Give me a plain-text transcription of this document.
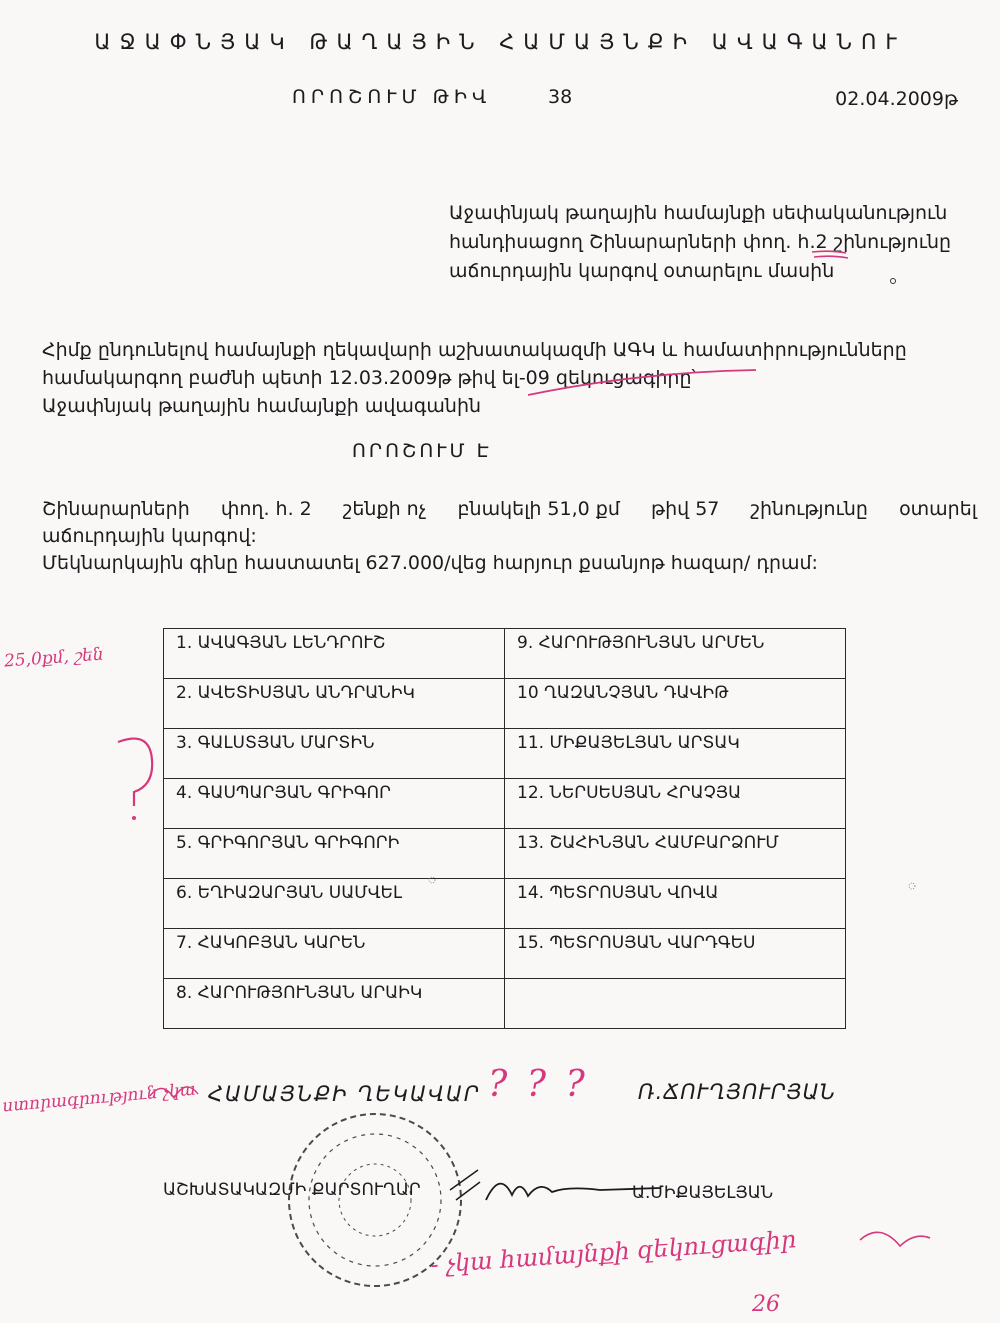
ԱՋԱՓՆՅԱԿ ԹԱՂԱՅԻՆ ՀԱՄԱՅՆՔԻ ԱՎԱԳԱՆՈՒ
ՈՐՈՇՈՒՄ ԹԻՎ	38	02.04.2009թ
Աջափնյակ թաղային համայնքի սեփականություն
հանդիսացող Շինարարների փող. հ.2 շինությունը
աճուրդային կարգով օտարելու մասին
Հիմք ընդունելով համայնքի ղեկավարի աշխատակազմի ԱԳԿ և համատիրությունները
համակարգող բաժնի պետի 12.03.2009թ թիվ ել-09 զեկուցագիրը՝
Աջափնյակ թաղային համայնքի ավագանին
ՈՐՈՇՈՒՄ Է
Շինարարների փող. հ. 2 շենքի ոչ բնակելի 51,0 քմ թիվ 57 շինությունը օտարել
աճուրդային կարգով:
Մեկնարկային գինը հաստատել 627.000/վեց հարյուր քսանյոթ հազար/ դրամ:
1. ԱՎԱԳՅԱՆ ԼԵՆԴՐՈՒՇ	9. ՀԱՐՈՒԹՅՈՒՆՅԱՆ ԱՐՄԵՆ
2. ԱՎԵՏԻՍՅԱՆ ԱՆԴՐԱՆԻԿ	10 ՂԱԶԱՆՉՅԱՆ ԴԱՎԻԹ
3. ԳԱԼՍՏՅԱՆ ՄԱՐՏԻՆ	11. ՄԻՔԱՅԵԼՅԱՆ ԱՐՏԱԿ
4. ԳԱՍՊԱՐՅԱՆ ԳՐԻԳՈՐ	12. ՆԵՐՍԵՍՅԱՆ ՀՐԱՉՅԱ
5. ԳՐԻԳՈՐՅԱՆ ԳՐԻԳՈՐԻ	13. ՇԱՀԻՆՅԱՆ ՀԱՄԲԱՐՁՈՒՄ
6. ԵՂԻԱԶԱՐՅԱՆ ՍԱՄՎԵԼ	14. ՊԵՏՐՈՍՅԱՆ ՎՈՎԱ
7. ՀԱԿՈԲՅԱՆ ԿԱՐԵՆ	15. ՊԵՏՐՈՍՅԱՆ ՎԱՐԴԳԵՍ
8. ՀԱՐՈՒԹՅՈՒՆՅԱՆ ԱՐԱԻԿ	
ՀԱՄԱՅՆՔԻ ՂԵԿԱՎԱՐ	Ռ.ՃՈՒՂՅՈՒՐՅԱՆ
ԱՇԽԱՏԱԿԱԶՄԻ ՔԱՐՏՈՒՂԱՐ	Ա.ՄԻՔԱՅԵԼՅԱՆ
25,0քմ, շեն
ստորագրություն չկա	? ? ?
- չկա համայնքի զեկուցագիր
26
